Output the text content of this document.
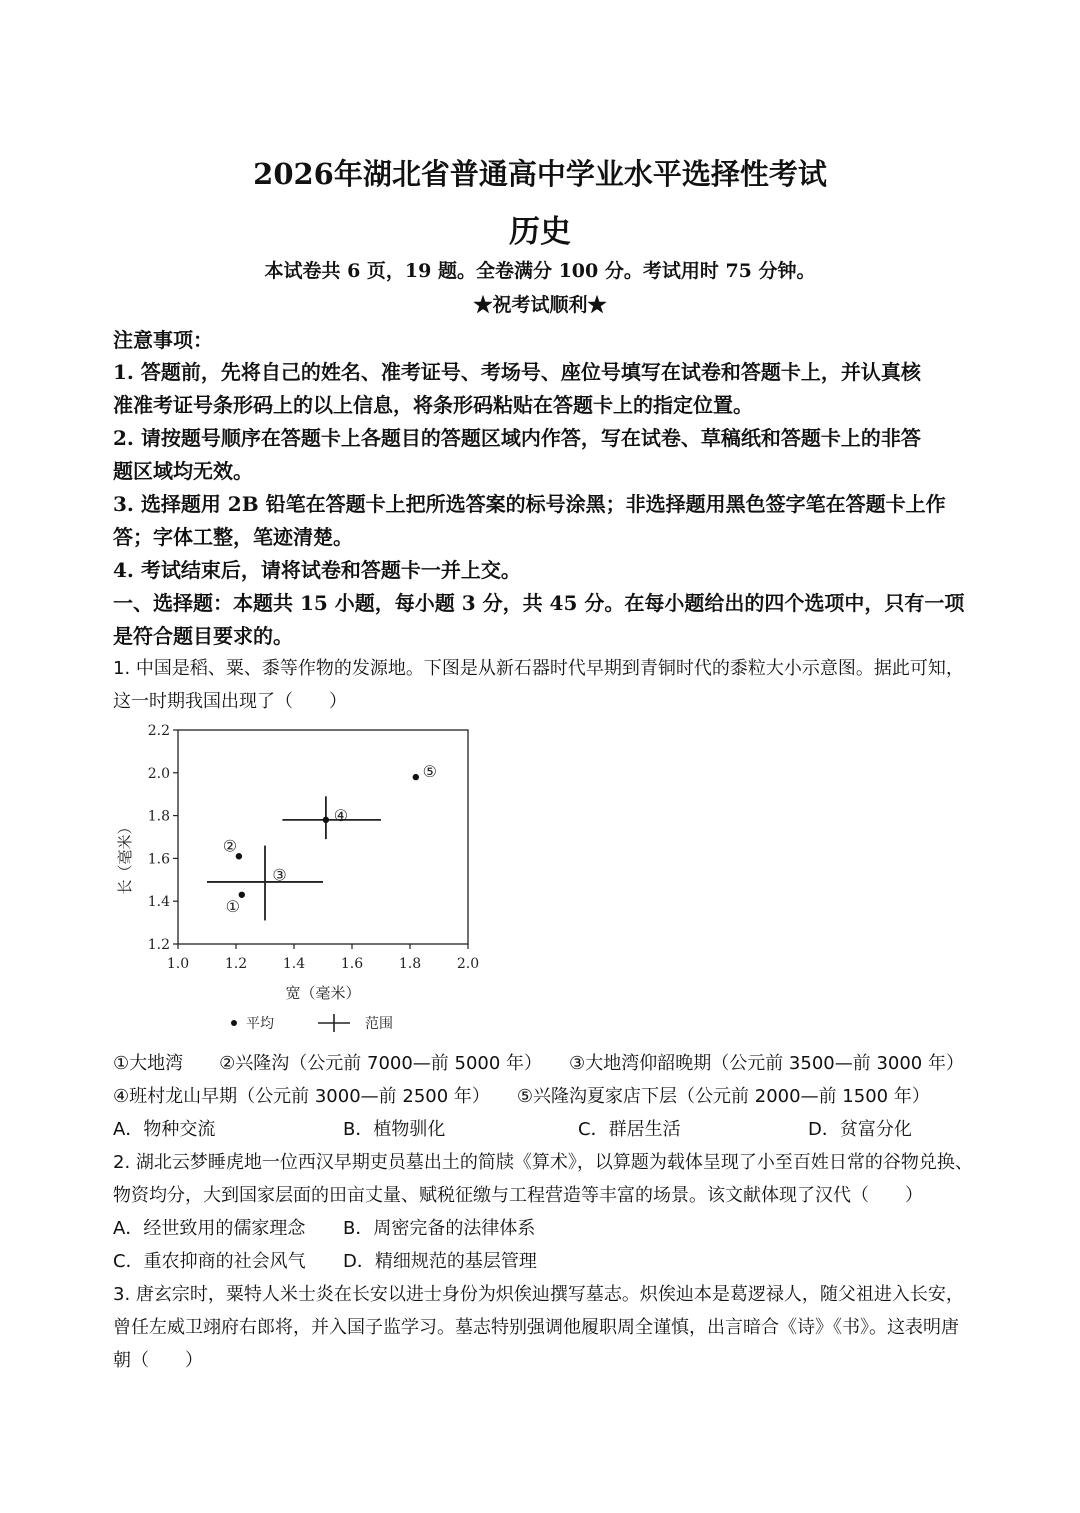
2026年湖北省普通高中学业水平选择性考试
历史
本试卷共 6 页，19 题。全卷满分 100 分。考试用时 75 分钟。
★祝考试顺利★
注意事项：
1. 答题前，先将自己的姓名、准考证号、考场号、座位号填写在试卷和答题卡上，并认真核
准准考证号条形码上的以上信息，将条形码粘贴在答题卡上的指定位置。
2. 请按题号顺序在答题卡上各题目的答题区域内作答，写在试卷、草稿纸和答题卡上的非答
题区域均无效。
3. 选择题用 2B 铅笔在答题卡上把所选答案的标号涂黑；非选择题用黑色签字笔在答题卡上作
答；字体工整，笔迹清楚。
4. 考试结束后，请将试卷和答题卡一并上交。
一、选择题：本题共 15 小题，每小题 3 分，共 45 分。在每小题给出的四个选项中，只有一项
是符合题目要求的。
1. 中国是稻、粟、黍等作物的发源地。下图是从新石器时代早期到青铜时代的黍粒大小示意图。据此可知，
这一时期我国出现了（　　）
1.0	1.2	1.4	1.6	1.8	2.0
1.2
1.4
1.6
1.8
2.0
2.2
宽（毫米）
长（毫米）	③
①
②
④
⑤
平均	范围
①大地湾　　②兴隆沟（公元前 7000—前 5000 年）　　③大地湾仰韶晚期（公元前 3500—前 3000 年）
④班村龙山早期（公元前 3000—前 2500 年）　　⑤兴隆沟夏家店下层（公元前 2000—前 1500 年）
A．物种交流	B．植物驯化	C．群居生活	D．贫富分化
2. 湖北云梦睡虎地一位西汉早期吏员墓出土的简牍《算术》，以算题为载体呈现了小至百姓日常的谷物兑换、
物资均分，大到国家层面的田亩丈量、赋税征缴与工程营造等丰富的场景。该文献体现了汉代（　　）
A．经世致用的儒家理念 B．周密完备的法律体系
C．重农抑商的社会风气 D．精细规范的基层管理
3. 唐玄宗时，粟特人米士炎在长安以进士身份为炽俟辿撰写墓志。炽俟辿本是葛逻禄人，随父祖进入长安，
曾任左威卫翊府右郎将，并入国子监学习。墓志特别强调他履职周全谨慎，出言暗合《诗》《书》。这表明唐
朝（　　）
